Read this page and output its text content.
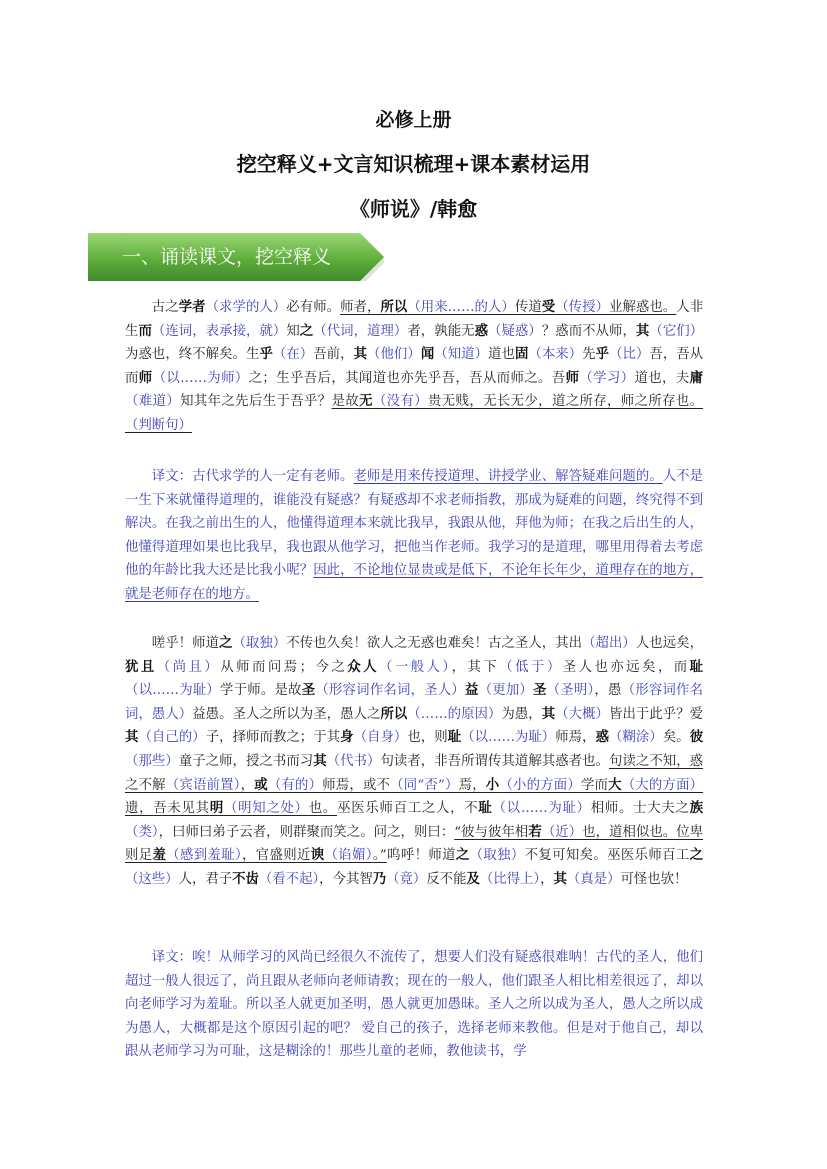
必修上册
挖空释义+文言知识梳理+课本素材运用
《师说》/韩愈
一、诵读课文，挖空释义
古之学者（求学的人）必有师。师者，所以（用来……的人）传道受（传授）业解惑也。人非生而（连词，表承接，就）知之（代词，道理）者，孰能无惑（疑惑）？惑而不从师，其（它们）为惑也，终不解矣。生乎（在）吾前，其（他们）闻（知道）道也固（本来）先乎（比）吾，吾从而师（以……为师）之；生乎吾后，其闻道也亦先乎吾，吾从而师之。吾师（学习）道也，夫庸（难道）知其年之先后生于吾乎？是故无（没有）贵无贱，无长无少，道之所存，师之所存也。（判断句）
译文：古代求学的人一定有老师。老师是用来传授道理、讲授学业、解答疑难问题的。人不是一生下来就懂得道理的，谁能没有疑惑？有疑惑却不求老师指教，那成为疑难的问题，终究得不到解决。在我之前出生的人，他懂得道理本来就比我早，我跟从他，拜他为师；在我之后出生的人，他懂得道理如果也比我早，我也跟从他学习，把他当作老师。我学习的是道理，哪里用得着去考虑他的年龄比我大还是比我小呢？因此，不论地位显贵或是低下，不论年长年少，道理存在的地方，就是老师存在的地方。
嗟乎！师道之（取独）不传也久矣！欲人之无惑也难矣！古之圣人，其出（超出）人也远矣，犹且（尚且）从师而问焉；今之众人（一般人），其下（低于）圣人也亦远矣，而耻（以……为耻）学于师。是故圣（形容词作名词，圣人）益（更加）圣（圣明），愚（形容词作名词，愚人）益愚。圣人之所以为圣，愚人之所以（……的原因）为愚，其（大概）皆出于此乎？爱其（自己的）子，择师而教之；于其身（自身）也，则耻（以……为耻）师焉，惑（糊涂）矣。彼（那些）童子之师，授之书而习其（代书）句读者，非吾所谓传其道解其惑者也。句读之不知，惑之不解（宾语前置），或（有的）师焉，或不（同“否”）焉，小（小的方面）学而大（大的方面）遗，吾未见其明（明知之处）也。巫医乐师百工之人，不耻（以……为耻）相师。士大夫之族（类），曰师曰弟子云者，则群聚而笑之。问之，则曰：“彼与彼年相若（近）也，道相似也。位卑则足羞（感到羞耻），官盛则近谀（谄媚）。”呜呼！师道之（取独）不复可知矣。巫医乐师百工之（这些）人，君子不齿（看不起），今其智乃（竟）反不能及（比得上），其（真是）可怪也欤！
译文：唉！从师学习的风尚已经很久不流传了，想要人们没有疑惑很难呐！古代的圣人，他们超过一般人很远了，尚且跟从老师向老师请教；现在的一般人，他们跟圣人相比相差很远了，却以向老师学习为羞耻。所以圣人就更加圣明，愚人就更加愚昧。圣人之所以成为圣人，愚人之所以成为愚人，大概都是这个原因引起的吧？ 爱自己的孩子，选择老师来教他。但是对于他自己，却以跟从老师学习为可耻，这是糊涂的！那些儿童的老师，教他读书，学
